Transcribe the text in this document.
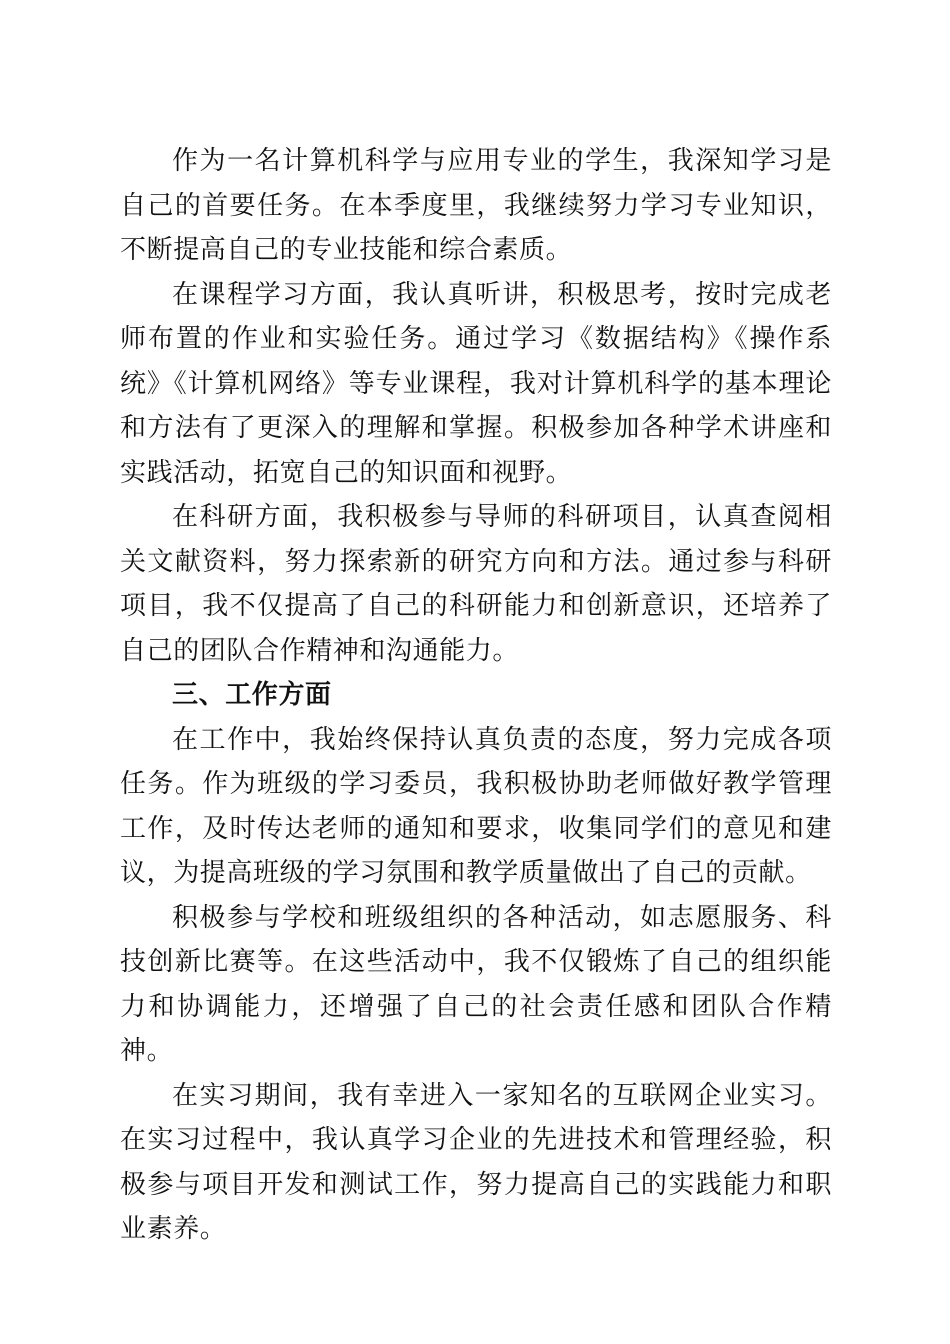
作为一名计算机科学与应用专业的学生，我深知学习是自己的首要任务。在本季度里，我继续努力学习专业知识，不断提高自己的专业技能和综合素质。

在课程学习方面，我认真听讲，积极思考，按时完成老师布置的作业和实验任务。通过学习《数据结构》《操作系统》《计算机网络》等专业课程，我对计算机科学的基本理论和方法有了更深入的理解和掌握。积极参加各种学术讲座和实践活动，拓宽自己的知识面和视野。

在科研方面，我积极参与导师的科研项目，认真查阅相关文献资料，努力探索新的研究方向和方法。通过参与科研项目，我不仅提高了自己的科研能力和创新意识，还培养了自己的团队合作精神和沟通能力。

三、工作方面

在工作中，我始终保持认真负责的态度，努力完成各项任务。作为班级的学习委员，我积极协助老师做好教学管理工作，及时传达老师的通知和要求，收集同学们的意见和建议，为提高班级的学习氛围和教学质量做出了自己的贡献。

积极参与学校和班级组织的各种活动，如志愿服务、科技创新比赛等。在这些活动中，我不仅锻炼了自己的组织能力和协调能力，还增强了自己的社会责任感和团队合作精神。

在实习期间，我有幸进入一家知名的互联网企业实习。在实习过程中，我认真学习企业的先进技术和管理经验，积极参与项目开发和测试工作，努力提高自己的实践能力和职业素养。
